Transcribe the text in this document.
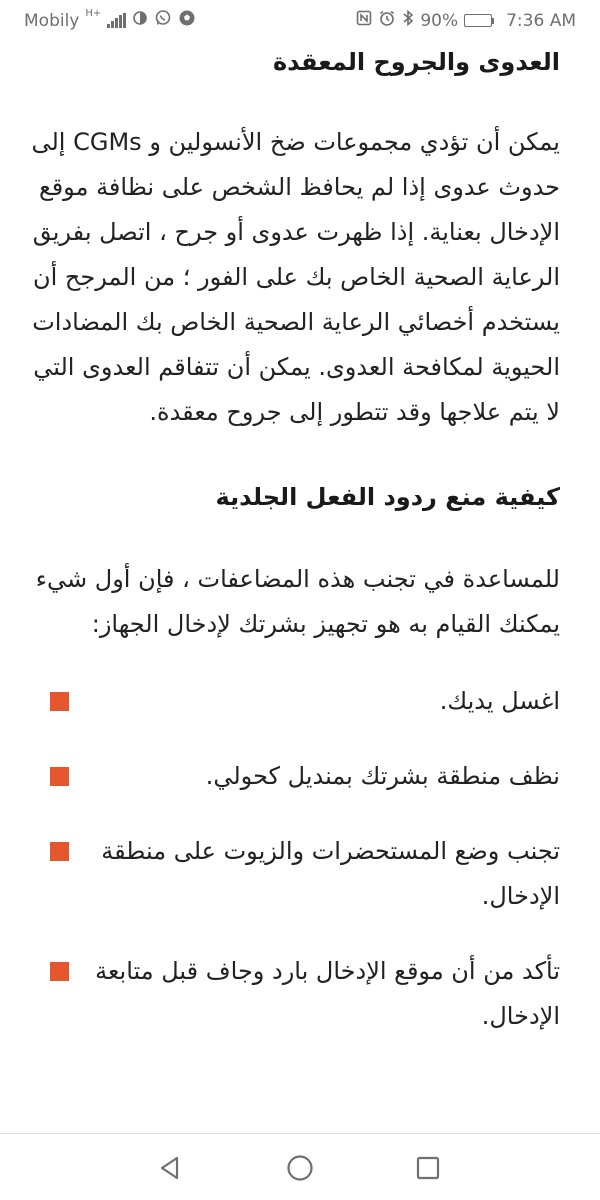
Mobily H+	90%	7:36 AM
العدوى والجروح المعقدة

يمكن أن تؤدي مجموعات ضخ الأنسولين و CGMs إلى حدوث عدوى إذا لم يحافظ الشخص على نظافة موقع الإدخال بعناية. إذا ظهرت عدوى أو جرح ، اتصل بفريق الرعاية الصحية الخاص بك على الفور ؛ من المرجح أن يستخدم أخصائي الرعاية الصحية الخاص بك المضادات الحيوية لمكافحة العدوى. يمكن أن تتفاقم العدوى التي لا يتم علاجها وقد تتطور إلى جروح معقدة.

كيفية منع ردود الفعل الجلدية

للمساعدة في تجنب هذه المضاعفات ، فإن أول شيء يمكنك القيام به هو تجهيز بشرتك لإدخال الجهاز:

اغسل يديك.
نظف منطقة بشرتك بمنديل كحولي.
تجنب وضع المستحضرات والزيوت على منطقة الإدخال.
تأكد من أن موقع الإدخال بارد وجاف قبل متابعة الإدخال.
